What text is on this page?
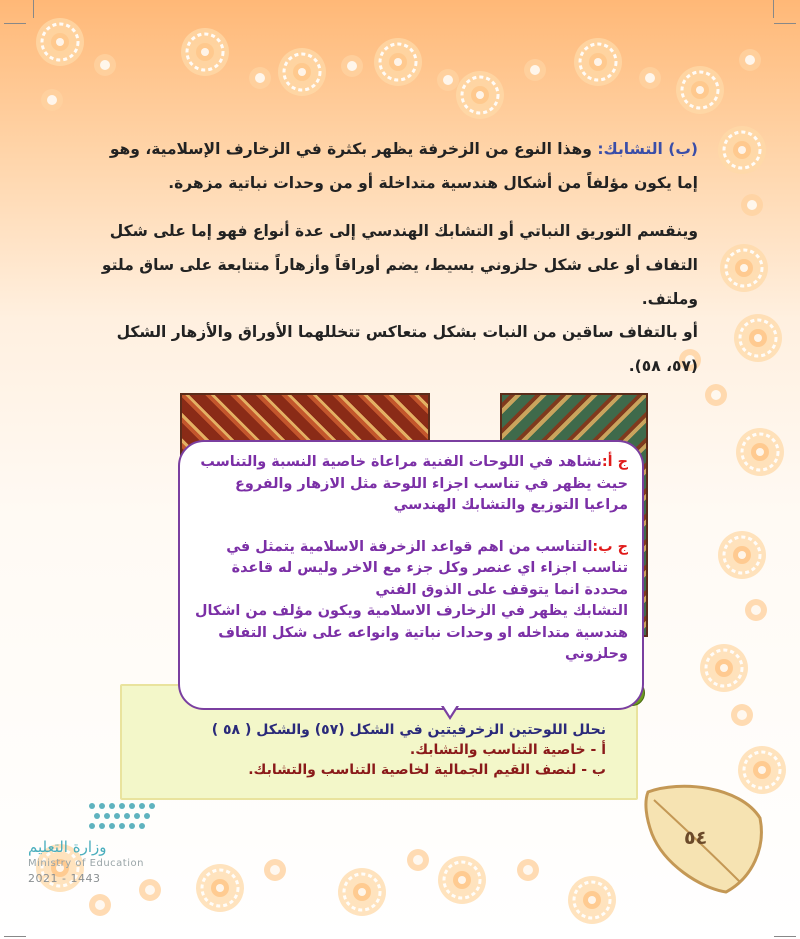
(ب) التشابك: وهذا النوع من الزخرفة يظهر بكثرة في الزخارف الإسلامية، وهو إما يكون مؤلفاً من أشكال هندسية متداخلة أو من وحدات نباتية مزهرة.

وينقسم التوريق النباتي أو التشابك الهندسي إلى عدة أنواع فهو إما على شكل التفاف أو على شكل حلزوني بسيط، يضم أوراقاً وأزهاراً متتابعة على ساق ملتو وملتف.

أو بالتفاف ساقين من النبات بشكل متعاكس تتخللهما الأوراق والأزهار الشكل (٥٧، ٥٨).

نحلل اللوحتين الزخرفيتين في الشكل (٥٧) والشكل ( ٥٨ )
أ - خاصية التناسب والتشابك.
ب - لنصف القيم الجمالية لخاصية التناسب والتشابك.

ج أ:نشاهد في اللوحات الفنية مراعاة خاصية النسبة والتناسب حيث يظهر في تناسب اجزاء اللوحة مثل الازهار والفروع مراعيا التوزيع والتشابك الهندسي

ج ب:التناسب من اهم قواعد الزخرفة الاسلامية يتمثل في تناسب اجزاء اي عنصر وكل جزء مع الاخر وليس له قاعدة محددة انما يتوقف على الذوق الفني

التشابك يظهر في الزخارف الاسلامية ويكون مؤلف من اشكال هندسية متداخله او وحدات نباتية وانواعه على شكل التفاف وحلزوني

وزارة التعليم
Ministry of Education
2021 - 1443
٥٤
